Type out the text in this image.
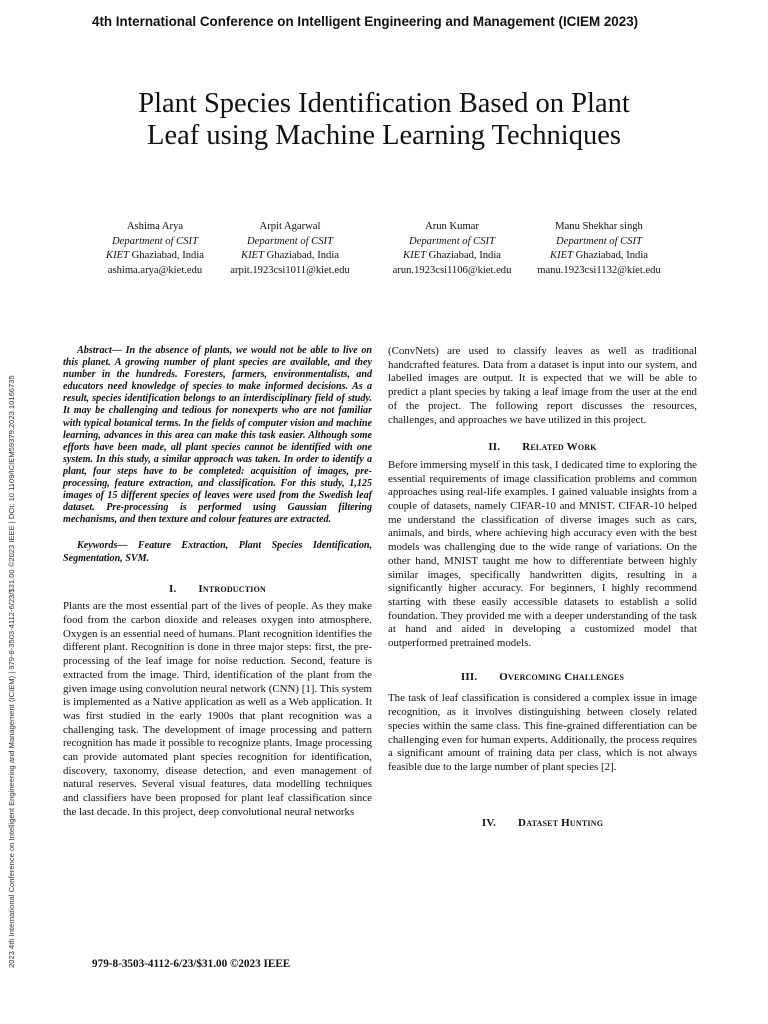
4th International Conference on Intelligent Engineering and Management (ICIEM 2023)
Plant Species Identification Based on Plant
Leaf using Machine Learning Techniques
Ashima Arya
Department of CSIT
KIET Ghaziabad, India
ashima.arya@kiet.edu
Arpit Agarwal
Department of CSIT
KIET Ghaziabad, India
arpit.1923csi1011@kiet.edu
Arun Kumar
Department of CSIT
KIET Ghaziabad, India
arun.1923csi1106@kiet.edu
Manu Shekhar singh
Department of CSIT
KIET Ghaziabad, India
manu.1923csi1132@kiet.edu
2023 4th International Conference on Intelligent Engineering and Management (ICIEM) | 979-8-3503-4112-6/23/$31.00 ©2023 IEEE | DOI: 10.1109/ICIEM59379.2023.10166735

Abstract— In the absence of plants, we would not be able to live on this planet. A growing number of plant species are available, and they number in the hundreds. Foresters, farmers, environmentalists, and educators need knowledge of species to make informed decisions. As a result, species identification belongs to an interdisciplinary field of study. It may be challenging and tedious for nonexperts who are not familiar with typical botanical terms. In the fields of computer vision and machine learning, advances in this area can make this task easier. Although some efforts have been made, all plant species cannot be identified with one system. In this study, a similar approach was taken. In order to identify a plant, four steps have to be completed: acquisition of images, pre-processing, feature extraction, and classification. For this study, 1,125 images of 15 different species of leaves were used from the Swedish leaf dataset. Pre-processing is performed using Gaussian filtering mechanisms, and then texture and colour features are extracted.

Keywords— Feature Extraction, Plant Species Identification, Segmentation, SVM.

I. Introduction

Plants are the most essential part of the lives of people. As they make food from the carbon dioxide and releases oxygen into atmosphere. Oxygen is an essential need of humans. Plant recognition identifies the different plant. Recognition is done in three major steps: first, the pre-processing of the leaf image for noise reduction. Second, feature is extracted from the image. Third, identification of the plant from the given image using convolution neural network (CNN) [1]. This system is implemented as a Native application as well as a Web application. It was first studied in the early 1900s that plant recognition was a challenging task. The development of image processing and pattern recognition has made it possible to recognize plants. Image processing can provide automated plant species recognition for identification, discovery, taxonomy, disease detection, and even management of natural reserves. Several visual features, data modelling techniques and classifiers have been proposed for plant leaf classification since the last decade. In this project, deep convolutional neural networks

(ConvNets) are used to classify leaves as well as traditional handcrafted features. Data from a dataset is input into our system, and labelled images are output. It is expected that we will be able to predict a plant species by taking a leaf image from the user at the end of the project. The following report discusses the resources, challenges, and approaches we have utilized in this project.

II. Related Work

Before immersing myself in this task, I dedicated time to exploring the essential requirements of image classification problems and common approaches using real-life examples. I gained valuable insights from a couple of datasets, namely CIFAR-10 and MNIST. CIFAR-10 helped me understand the classification of diverse images such as cars, animals, and birds, where achieving high accuracy even with the best models was challenging due to the wide range of variations. On the other hand, MNIST taught me how to differentiate between highly similar images, specifically handwritten digits, resulting in a significantly higher accuracy. For beginners, I highly recommend starting with these easily accessible datasets to establish a solid foundation. They provided me with a deeper understanding of the task at hand and aided in developing a customized model that outperformed pretrained models.

III. Overcoming Challenges

The task of leaf classification is considered a complex issue in image recognition, as it involves distinguishing between closely related species within the same class. This fine-grained differentiation can be challenging even for human experts. Additionally, the process requires a significant amount of training data per class, which is not always feasible due to the large number of plant species [2].

IV. Dataset Hunting
979-8-3503-4112-6/23/$31.00 ©2023 IEEE
